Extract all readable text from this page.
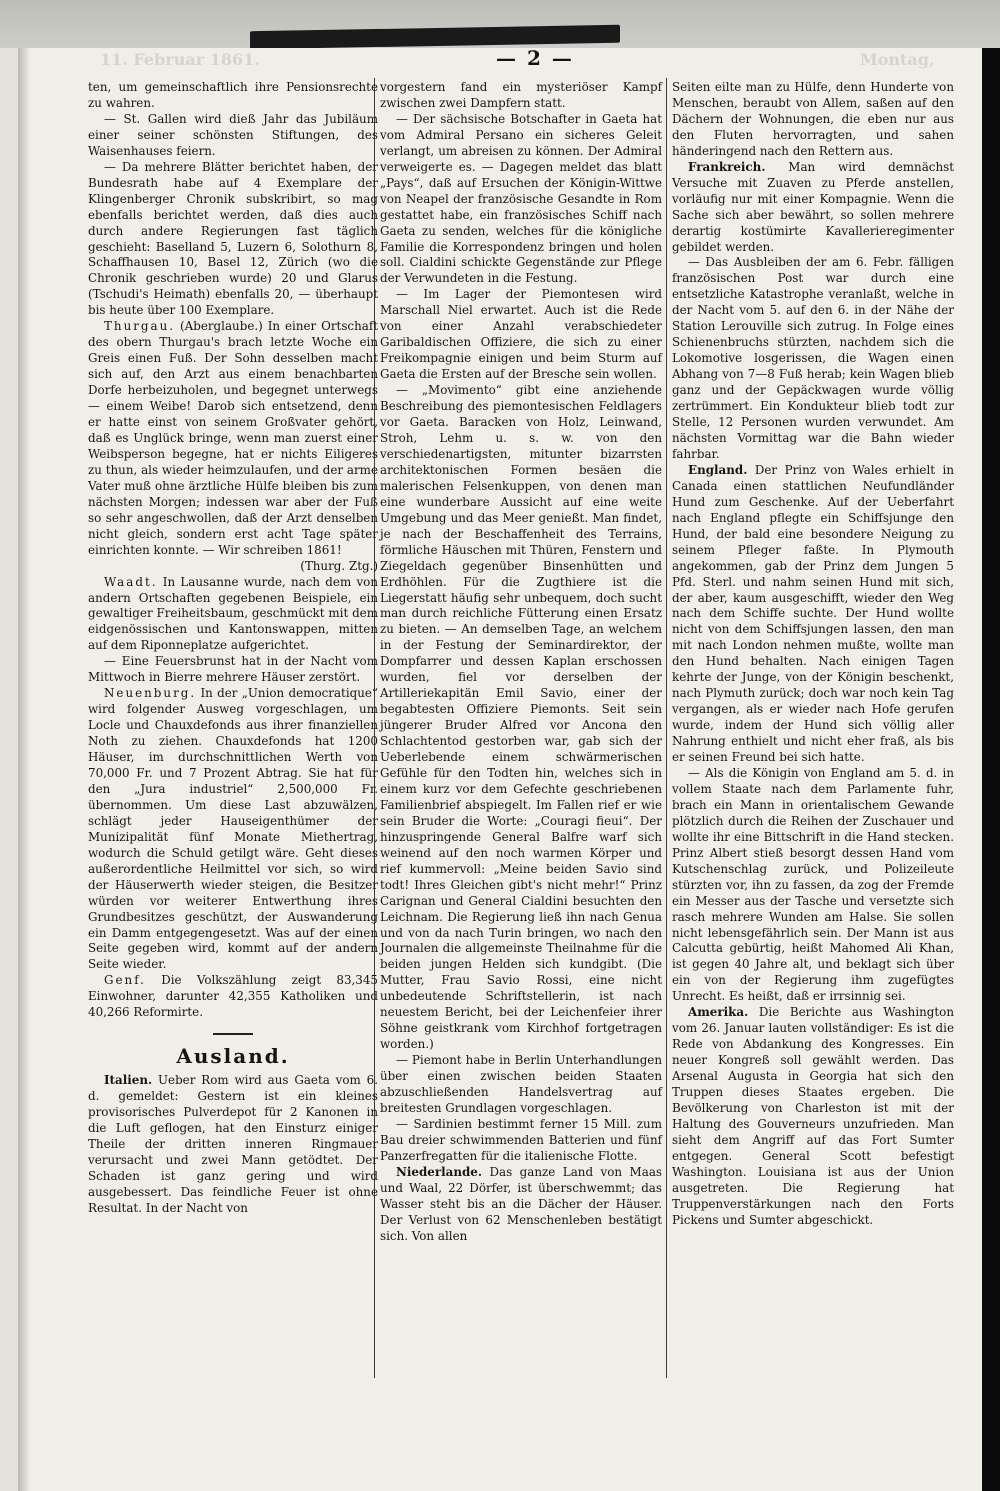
11. Februar 1861.	Montag,
— 2 —

ten, um gemeinschaftlich ihre Pensionsrechte zu wahren.

— St. Gallen wird dieß Jahr das Jubiläum einer seiner schönsten Stiftungen, des Waisenhauses feiern.

— Da mehrere Blätter berichtet haben, der Bundesrath habe auf 4 Exemplare der Klingenberger Chronik subskribirt, so mag ebenfalls berichtet werden, daß dies auch durch andere Regierungen fast täglich geschieht: Baselland 5, Luzern 6, Solothurn 8, Schaffhausen 10, Basel 12, Zürich (wo die Chronik geschrieben wurde) 20 und Glarus (Tschudi's Heimath) ebenfalls 20, — überhaupt bis heute über 100 Exemplare.

Thurgau. (Aberglaube.) In einer Ortschaft des obern Thurgau's brach letzte Woche ein Greis einen Fuß. Der Sohn desselben macht sich auf, den Arzt aus einem benachbarten Dorfe herbeizuholen, und begegnet unterwegs — einem Weibe! Darob sich entsetzend, denn er hatte einst von seinem Großvater gehört, daß es Unglück bringe, wenn man zuerst einer Weibsperson begegne, hat er nichts Eiligeres zu thun, als wieder heimzulaufen, und der arme Vater muß ohne ärztliche Hülfe bleiben bis zum nächsten Morgen; indessen war aber der Fuß so sehr angeschwollen, daß der Arzt denselben nicht gleich, sondern erst acht Tage später einrichten konnte. — Wir schreiben 1861!

(Thurg. Ztg.)

Waadt. In Lausanne wurde, nach dem von andern Ortschaften gegebenen Beispiele, ein gewaltiger Freiheitsbaum, geschmückt mit dem eidgenössischen und Kantonswappen, mitten auf dem Riponneplatze aufgerichtet.

— Eine Feuersbrunst hat in der Nacht vom Mittwoch in Bierre mehrere Häuser zerstört.

Neuenburg. In der „Union democratique“ wird folgender Ausweg vorgeschlagen, um Locle und Chauxdefonds aus ihrer finanziellen Noth zu ziehen. Chauxdefonds hat 1200 Häuser, im durchschnittlichen Werth von 70,000 Fr. und 7 Prozent Abtrag. Sie hat für den „Jura industriel“ 2,500,000 Fr. übernommen. Um diese Last abzuwälzen, schlägt jeder Hauseigenthümer der Munizipalität fünf Monate Miethertrag, wodurch die Schuld getilgt wäre. Geht dieses außerordentliche Heilmittel vor sich, so wird der Häuserwerth wieder steigen, die Besitzer würden vor weiterer Entwerthung ihres Grundbesitzes geschützt, der Auswanderung ein Damm entgegengesetzt. Was auf der einen Seite gegeben wird, kommt auf der andern Seite wieder.

Genf. Die Volkszählung zeigt 83,345 Einwohner, darunter 42,355 Katholiken und 40,266 Reformirte.

Ausland.

Italien. Ueber Rom wird aus Gaeta vom 6. d. gemeldet: Gestern ist ein kleines provisorisches Pulverdepot für 2 Kanonen in die Luft geflogen, hat den Einsturz einiger Theile der dritten inneren Ringmauer verursacht und zwei Mann getödtet. Der Schaden ist ganz gering und wird ausgebessert. Das feindliche Feuer ist ohne Resultat. In der Nacht von

vorgestern fand ein mysteriöser Kampf zwischen zwei Dampfern statt.

— Der sächsische Botschafter in Gaeta hat vom Admiral Persano ein sicheres Geleit verlangt, um abreisen zu können. Der Admiral verweigerte es. — Dagegen meldet das blatt „Pays“, daß auf Ersuchen der Königin-Wittwe von Neapel der französische Gesandte in Rom gestattet habe, ein französisches Schiff nach Gaeta zu senden, welches für die königliche Familie die Korrespondenz bringen und holen soll. Cialdini schickte Gegenstände zur Pflege der Verwundeten in die Festung.

— Im Lager der Piemontesen wird Marschall Niel erwartet. Auch ist die Rede von einer Anzahl verabschiedeter Garibaldischen Offiziere, die sich zu einer Freikompagnie einigen und beim Sturm auf Gaeta die Ersten auf der Bresche sein wollen.

— „Movimento“ gibt eine anziehende Beschreibung des piemontesischen Feldlagers vor Gaeta. Baracken von Holz, Leinwand, Stroh, Lehm u. s. w. von den verschiedenartigsten, mitunter bizarrsten architektonischen Formen besäen die malerischen Felsenkuppen, von denen man eine wunderbare Aussicht auf eine weite Umgebung und das Meer genießt. Man findet, je nach der Beschaffenheit des Terrains, förmliche Häuschen mit Thüren, Fenstern und Ziegeldach gegenüber Binsenhütten und Erdhöhlen. Für die Zugthiere ist die Liegerstatt häufig sehr unbequem, doch sucht man durch reichliche Fütterung einen Ersatz zu bieten. — An demselben Tage, an welchem in der Festung der Seminardirektor, der Dompfarrer und dessen Kaplan erschossen wurden, fiel vor derselben der Artilleriekapitän Emil Savio, einer der begabtesten Offiziere Piemonts. Seit sein jüngerer Bruder Alfred vor Ancona den Schlachtentod gestorben war, gab sich der Ueberlebende einem schwärmerischen Gefühle für den Todten hin, welches sich in einem kurz vor dem Gefechte geschriebenen Familienbrief abspiegelt. Im Fallen rief er wie sein Bruder die Worte: „Couragi fieui“. Der hinzuspringende General Balfre warf sich weinend auf den noch warmen Körper und rief kummervoll: „Meine beiden Savio sind todt! Ihres Gleichen gibt's nicht mehr!“ Prinz Carignan und General Cialdini besuchten den Leichnam. Die Regierung ließ ihn nach Genua und von da nach Turin bringen, wo nach den Journalen die allgemeinste Theilnahme für die beiden jungen Helden sich kundgibt. (Die Mutter, Frau Savio Rossi, eine nicht unbedeutende Schriftstellerin, ist nach neuestem Bericht, bei der Leichenfeier ihrer Söhne geistkrank vom Kirchhof fortgetragen worden.)

— Piemont habe in Berlin Unterhandlungen über einen zwischen beiden Staaten abzuschließenden Handelsvertrag auf breitesten Grundlagen vorgeschlagen.

— Sardinien bestimmt ferner 15 Mill. zum Bau dreier schwimmenden Batterien und fünf Panzerfregatten für die italienische Flotte.

Niederlande. Das ganze Land von Maas und Waal, 22 Dörfer, ist überschwemmt; das Wasser steht bis an die Dächer der Häuser. Der Verlust von 62 Menschenleben bestätigt sich. Von allen

Seiten eilte man zu Hülfe, denn Hunderte von Menschen, beraubt von Allem, saßen auf den Dächern der Wohnungen, die eben nur aus den Fluten hervorragten, und sahen händeringend nach den Rettern aus.

Frankreich. Man wird demnächst Versuche mit Zuaven zu Pferde anstellen, vorläufig nur mit einer Kompagnie. Wenn die Sache sich aber bewährt, so sollen mehrere derartig kostümirte Kavallerieregimenter gebildet werden.

— Das Ausbleiben der am 6. Febr. fälligen französischen Post war durch eine entsetzliche Katastrophe veranlaßt, welche in der Nacht vom 5. auf den 6. in der Nähe der Station Lerouville sich zutrug. In Folge eines Schienenbruchs stürzten, nachdem sich die Lokomotive losgerissen, die Wagen einen Abhang von 7—8 Fuß herab; kein Wagen blieb ganz und der Gepäckwagen wurde völlig zertrümmert. Ein Kondukteur blieb todt zur Stelle, 12 Personen wurden verwundet. Am nächsten Vormittag war die Bahn wieder fahrbar.

England. Der Prinz von Wales erhielt in Canada einen stattlichen Neufundländer Hund zum Geschenke. Auf der Ueberfahrt nach England pflegte ein Schiffsjunge den Hund, der bald eine besondere Neigung zu seinem Pfleger faßte. In Plymouth angekommen, gab der Prinz dem Jungen 5 Pfd. Sterl. und nahm seinen Hund mit sich, der aber, kaum ausgeschifft, wieder den Weg nach dem Schiffe suchte. Der Hund wollte nicht von dem Schiffsjungen lassen, den man mit nach London nehmen mußte, wollte man den Hund behalten. Nach einigen Tagen kehrte der Junge, von der Königin beschenkt, nach Plymuth zurück; doch war noch kein Tag vergangen, als er wieder nach Hofe gerufen wurde, indem der Hund sich völlig aller Nahrung enthielt und nicht eher fraß, als bis er seinen Freund bei sich hatte.

— Als die Königin von England am 5. d. in vollem Staate nach dem Parlamente fuhr, brach ein Mann in orientalischem Gewande plötzlich durch die Reihen der Zuschauer und wollte ihr eine Bittschrift in die Hand stecken. Prinz Albert stieß besorgt dessen Hand vom Kutschenschlag zurück, und Polizeileute stürzten vor, ihn zu fassen, da zog der Fremde ein Messer aus der Tasche und versetzte sich rasch mehrere Wunden am Halse. Sie sollen nicht lebensgefährlich sein. Der Mann ist aus Calcutta gebürtig, heißt Mahomed Ali Khan, ist gegen 40 Jahre alt, und beklagt sich über ein von der Regierung ihm zugefügtes Unrecht. Es heißt, daß er irrsinnig sei.

Amerika. Die Berichte aus Washington vom 26. Januar lauten vollständiger: Es ist die Rede von Abdankung des Kongresses. Ein neuer Kongreß soll gewählt werden. Das Arsenal Augusta in Georgia hat sich den Truppen dieses Staates ergeben. Die Bevölkerung von Charleston ist mit der Haltung des Gouverneurs unzufrieden. Man sieht dem Angriff auf das Fort Sumter entgegen. General Scott befestigt Washington. Louisiana ist aus der Union ausgetreten. Die Regierung hat Truppenverstärkungen nach den Forts Pickens und Sumter abgeschickt.
